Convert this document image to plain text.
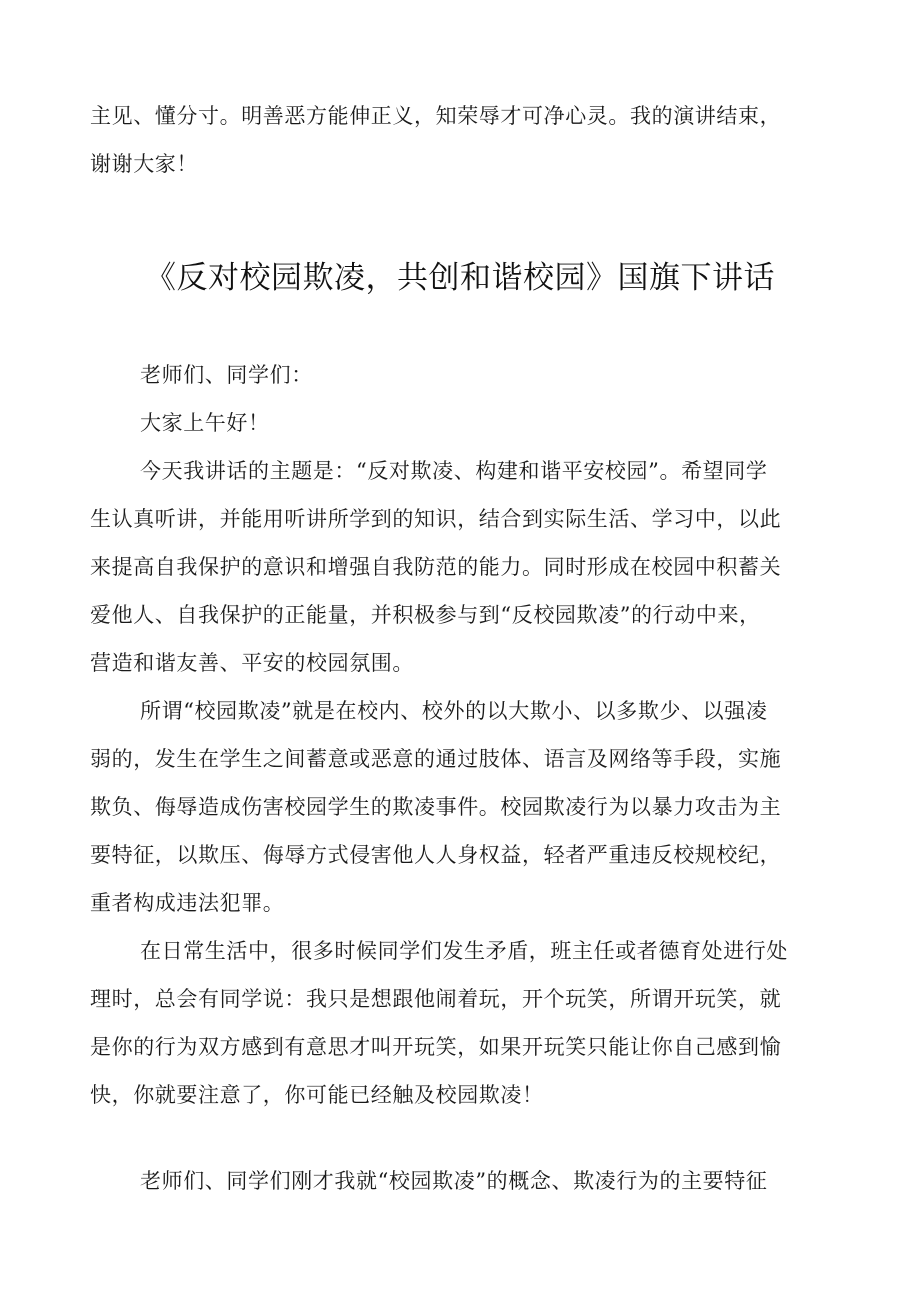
主见、懂分寸。明善恶方能伸正义，知荣辱才可净心灵。我的演讲结束，
谢谢大家！
《反对校园欺凌，共创和谐校园》国旗下讲话
老师们、同学们：
大家上午好！
今天我讲话的主题是：“反对欺凌、构建和谐平安校园”。希望同学
生认真听讲，并能用听讲所学到的知识，结合到实际生活、学习中，以此
来提高自我保护的意识和增强自我防范的能力。同时形成在校园中积蓄关
爱他人、自我保护的正能量，并积极参与到“反校园欺凌”的行动中来，
营造和谐友善、平安的校园氛围。
所谓“校园欺凌”就是在校内、校外的以大欺小、以多欺少、以强凌
弱的，发生在学生之间蓄意或恶意的通过肢体、语言及网络等手段，实施
欺负、侮辱造成伤害校园学生的欺凌事件。校园欺凌行为以暴力攻击为主
要特征，以欺压、侮辱方式侵害他人人身权益，轻者严重违反校规校纪，
重者构成违法犯罪。
在日常生活中，很多时候同学们发生矛盾，班主任或者德育处进行处
理时，总会有同学说：我只是想跟他闹着玩，开个玩笑，所谓开玩笑，就
是你的行为双方感到有意思才叫开玩笑，如果开玩笑只能让你自己感到愉
快，你就要注意了，你可能已经触及校园欺凌！
老师们、同学们刚才我就“校园欺凌”的概念、欺凌行为的主要特征
